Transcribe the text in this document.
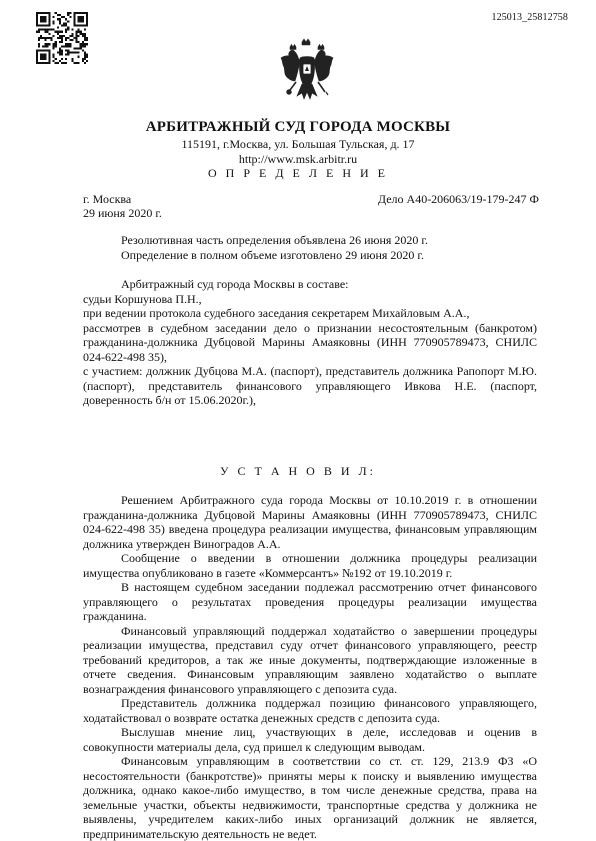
125013_25812758
АРБИТРАЖНЫЙ СУД ГОРОДА МОСКВЫ
115191, г.Москва, ул. Большая Тульская, д. 17
http://www.msk.arbitr.ru
О П Р Е Д Е Л Е Н И Е
г. Москва
29 июня 2020 г.
Дело А40-206063/19-179-247 Ф

Резолютивная часть определения объявлена 26 июня 2020 г.

Определение в полном объеме изготовлено 29 июня 2020 г.

Арбитражный суд города Москвы в составе:

судьи Коршунова П.Н.,

при ведении протокола судебного заседания секретарем Михайловым А.А.,

рассмотрев в судебном заседании дело о признании несостоятельным (банкротом) гражданина-должника Дубцовой Марины Амаяковны (ИНН 770905789473, СНИЛС 024-622-498 35),

с участием: должник Дубцова М.А. (паспорт), представитель должника Рапопорт М.Ю. (паспорт), представитель финансового управляющего Ивкова Н.Е. (паспорт, доверенность б/н от 15.06.2020г.),

У С Т А Н О В И Л:

Решением Арбитражного суда города Москвы от 10.10.2019 г. в отношении гражданина-должника Дубцовой Марины Амаяковны (ИНН 770905789473, СНИЛС 024-622-498 35) введена процедура реализации имущества, финансовым управляющим должника утвержден Виноградов А.А.

Сообщение о введении в отношении должника процедуры реализации имущества опубликовано в газете «Коммерсантъ» №192 от 19.10.2019 г.

В настоящем судебном заседании подлежал рассмотрению отчет финансового управляющего о результатах проведения процедуры реализации имущества гражданина.

Финансовый управляющий поддержал ходатайство о завершении процедуры реализации имущества, представил суду отчет финансового управляющего, реестр требований кредиторов, а так же иные документы, подтверждающие изложенные в отчете сведения. Финансовым управляющим заявлено ходатайство о выплате вознаграждения финансового управляющего с депозита суда.

Представитель должника поддержал позицию финансового управляющего, ходатайствовал о возврате остатка денежных средств с депозита суда.

Выслушав мнение лиц, участвующих в деле, исследовав и оценив в совокупности материалы дела, суд пришел к следующим выводам.

Финансовым управляющим в соответствии со ст. ст. 129, 213.9 ФЗ «О несостоятельности (банкротстве)» приняты меры к поиску и выявлению имущества должника, однако какое-либо имущество, в том числе денежные средства, права на земельные участки, объекты недвижимости, транспортные средства у должника не выявлены, учредителем каких-либо иных организаций должник не является, предпринимательскую деятельность не ведет.
